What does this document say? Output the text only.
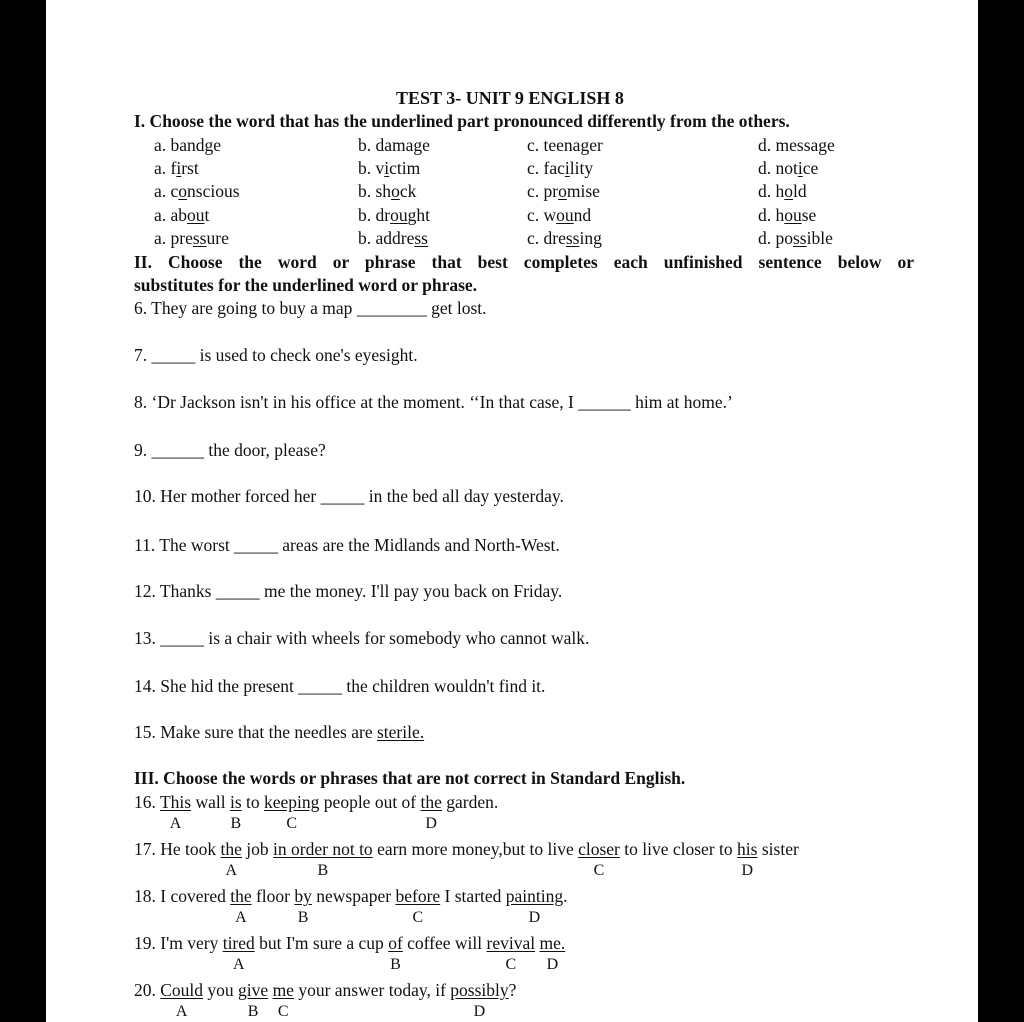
TEST 3- UNIT 9 ENGLISH 8
I. Choose the word that has the underlined part pronounced differently from the others.
II. Choose the word or phrase that best completes each unfinished sentence below or
substitutes for the underlined word or phrase.
III. Choose the words or phrases that are not correct in Standard English.
a. bandge	b. damage	c. teenager	d. message
a. first	b. victim	c. facility	d. notice
a. conscious	b. shock	c. promise	d. hold
a. about	b. drought	c. wound	d. house
a. pressure	b. address	c. dressing	d. possible
6. They are going to buy a map ________ get lost.
7. _____ is used to check one's eyesight.
8. ‘Dr Jackson isn't in his office at the moment. ‘‘In that case, I ______ him at home.’
9. ______ the door, please?
10. Her mother forced her _____ in the bed all day yesterday.
11. The worst _____ areas are the Midlands and North-West.
12. Thanks _____ me the money. I'll pay you back on Friday.
13. _____ is a chair with wheels for somebody who cannot walk.
14. She hid the present _____ the children wouldn't find it.
15. Make sure that the needles are sterile.
16. This wall is to keeping people out of the garden.
A	B	C	D
17. He took the job in order not to earn more money,but to live closer to live closer to his sister
A	B	C	D
18. I covered the floor by newspaper before I started painting.
A	B	C	D
19. I'm very tired but I'm sure a cup of coffee will revival me.
A	B	C D
20. Could you give me your answer today, if possibly?
A	B C	D
